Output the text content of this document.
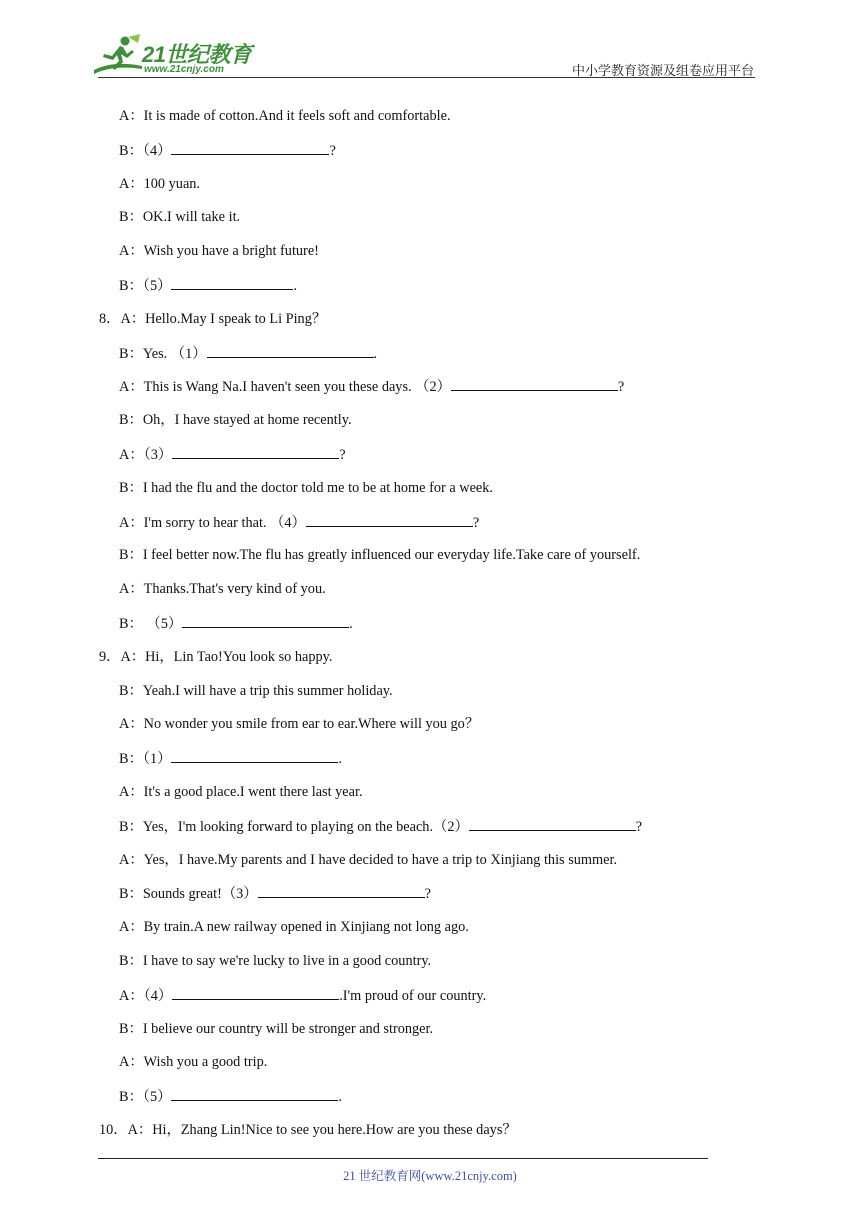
21世纪教育
www.21cnjy.com	中小学教育资源及组卷应用平台
A：It is made of cotton.And it feels soft and comfortable.
B：（4）	?
A：100 yuan.
B：OK.I will take it.
A：Wish you have a bright future!
B：（5）	.
8．A：Hello.May I speak to Li Ping？
B：Yes. （1）	.
A：This is Wang Na.I haven't seen you these days. （2）	?
B：Oh，I have stayed at home recently.
A：（3）	?
B：I had the flu and the doctor told me to be at home for a week.
A：I'm sorry to hear that. （4）	?
B：I feel better now.The flu has greatly influenced our everyday life.Take care of yourself.
A：Thanks.That's very kind of you.
B： （5）	.
9．A：Hi，Lin Tao!You look so happy.
B：Yeah.I will have a trip this summer holiday.
A：No wonder you smile from ear to ear.Where will you go？
B：（1）	.
A：It's a good place.I went there last year.
B：Yes，I'm looking forward to playing on the beach.（2）	?
A：Yes，I have.My parents and I have decided to have a trip to Xinjiang this summer.
B：Sounds great!（3）	?
A：By train.A new railway opened in Xinjiang not long ago.
B：I have to say we're lucky to live in a good country.
A：（4）	.I'm proud of our country.
B：I believe our country will be stronger and stronger.
A：Wish you a good trip.
B：（5）	.
10．A：Hi，Zhang Lin!Nice to see you here.How are you these days？
21 世纪教育网(www.21cnjy.com)
